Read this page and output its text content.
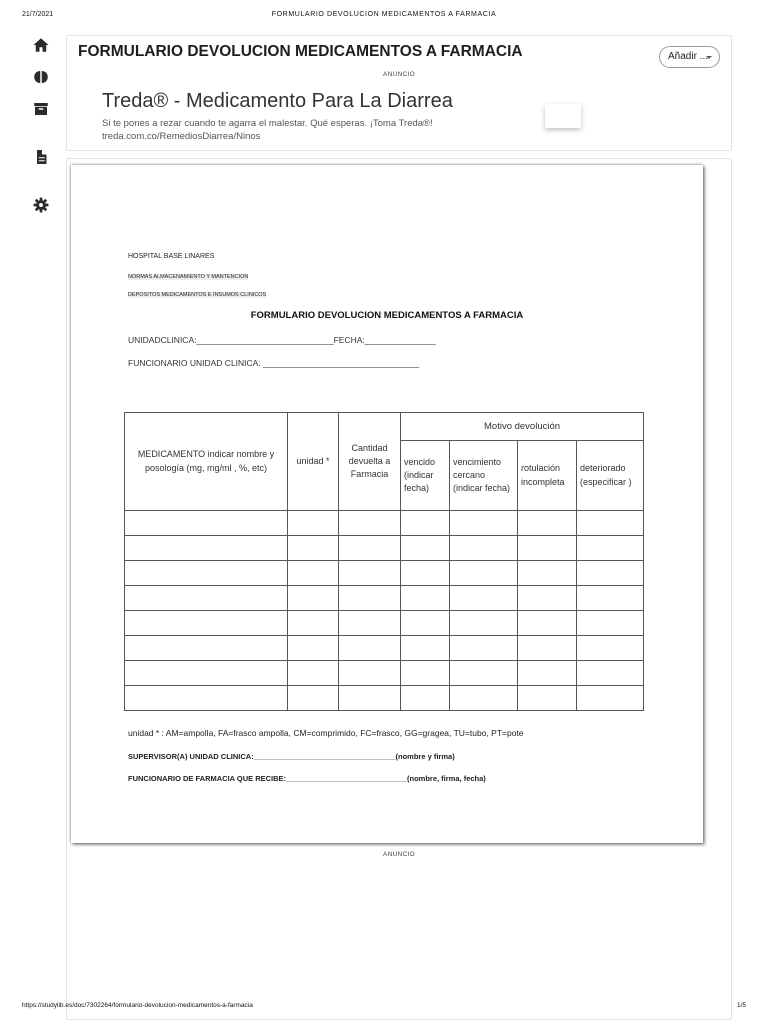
21/7/2021	FORMULARIO DEVOLUCION MEDICAMENTOS A FARMACIA
FORMULARIO DEVOLUCION MEDICAMENTOS A FARMACIA	Añadir ...
ANUNCIO
Treda® - Medicamento Para La Diarrea
Si te pones a rezar cuando te agarra el malestar. Qué esperas. ¡Toma Treda®!
treda.com.co/RemediosDiarrea/Ninos
HOSPITAL BASE LINARES
NORMAS ALMACENAMIENTO Y MANTENCION
DEPOSITOS MEDICAMENTOS E INSUMOS CLINICOS
FORMULARIO DEVOLUCION MEDICAMENTOS A FARMACIA
UNIDADCLINICA:_____________________________FECHA:_______________
FUNCIONARIO UNIDAD CLINICA: _________________________________
MEDICAMENTO indicar nombre y posología (mg, mg/ml , %, etc)	unidad *	Cantidad devuelta a Farmacia	Motivo devolución			
			vencido (indicar fecha)	vencimiento cercano (indicar fecha)	rotulación incompleta	deteriorado (especificar )

unidad * : AM=ampolla, FA=frasco ampolla, CM=comprimido, FC=frasco, GG=gragea, TU=tubo, PT=pote
SUPERVISOR(A) UNIDAD CLINICA:__________________________________(nombre y firma)
FUNCIONARIO DE FARMACIA QUE RECIBE:_____________________________(nombre, firma, fecha)
ANUNCIO
https://studylib.es/doc/7302264/formulario-devolucion-medicamentos-a-farmacia	1/5
